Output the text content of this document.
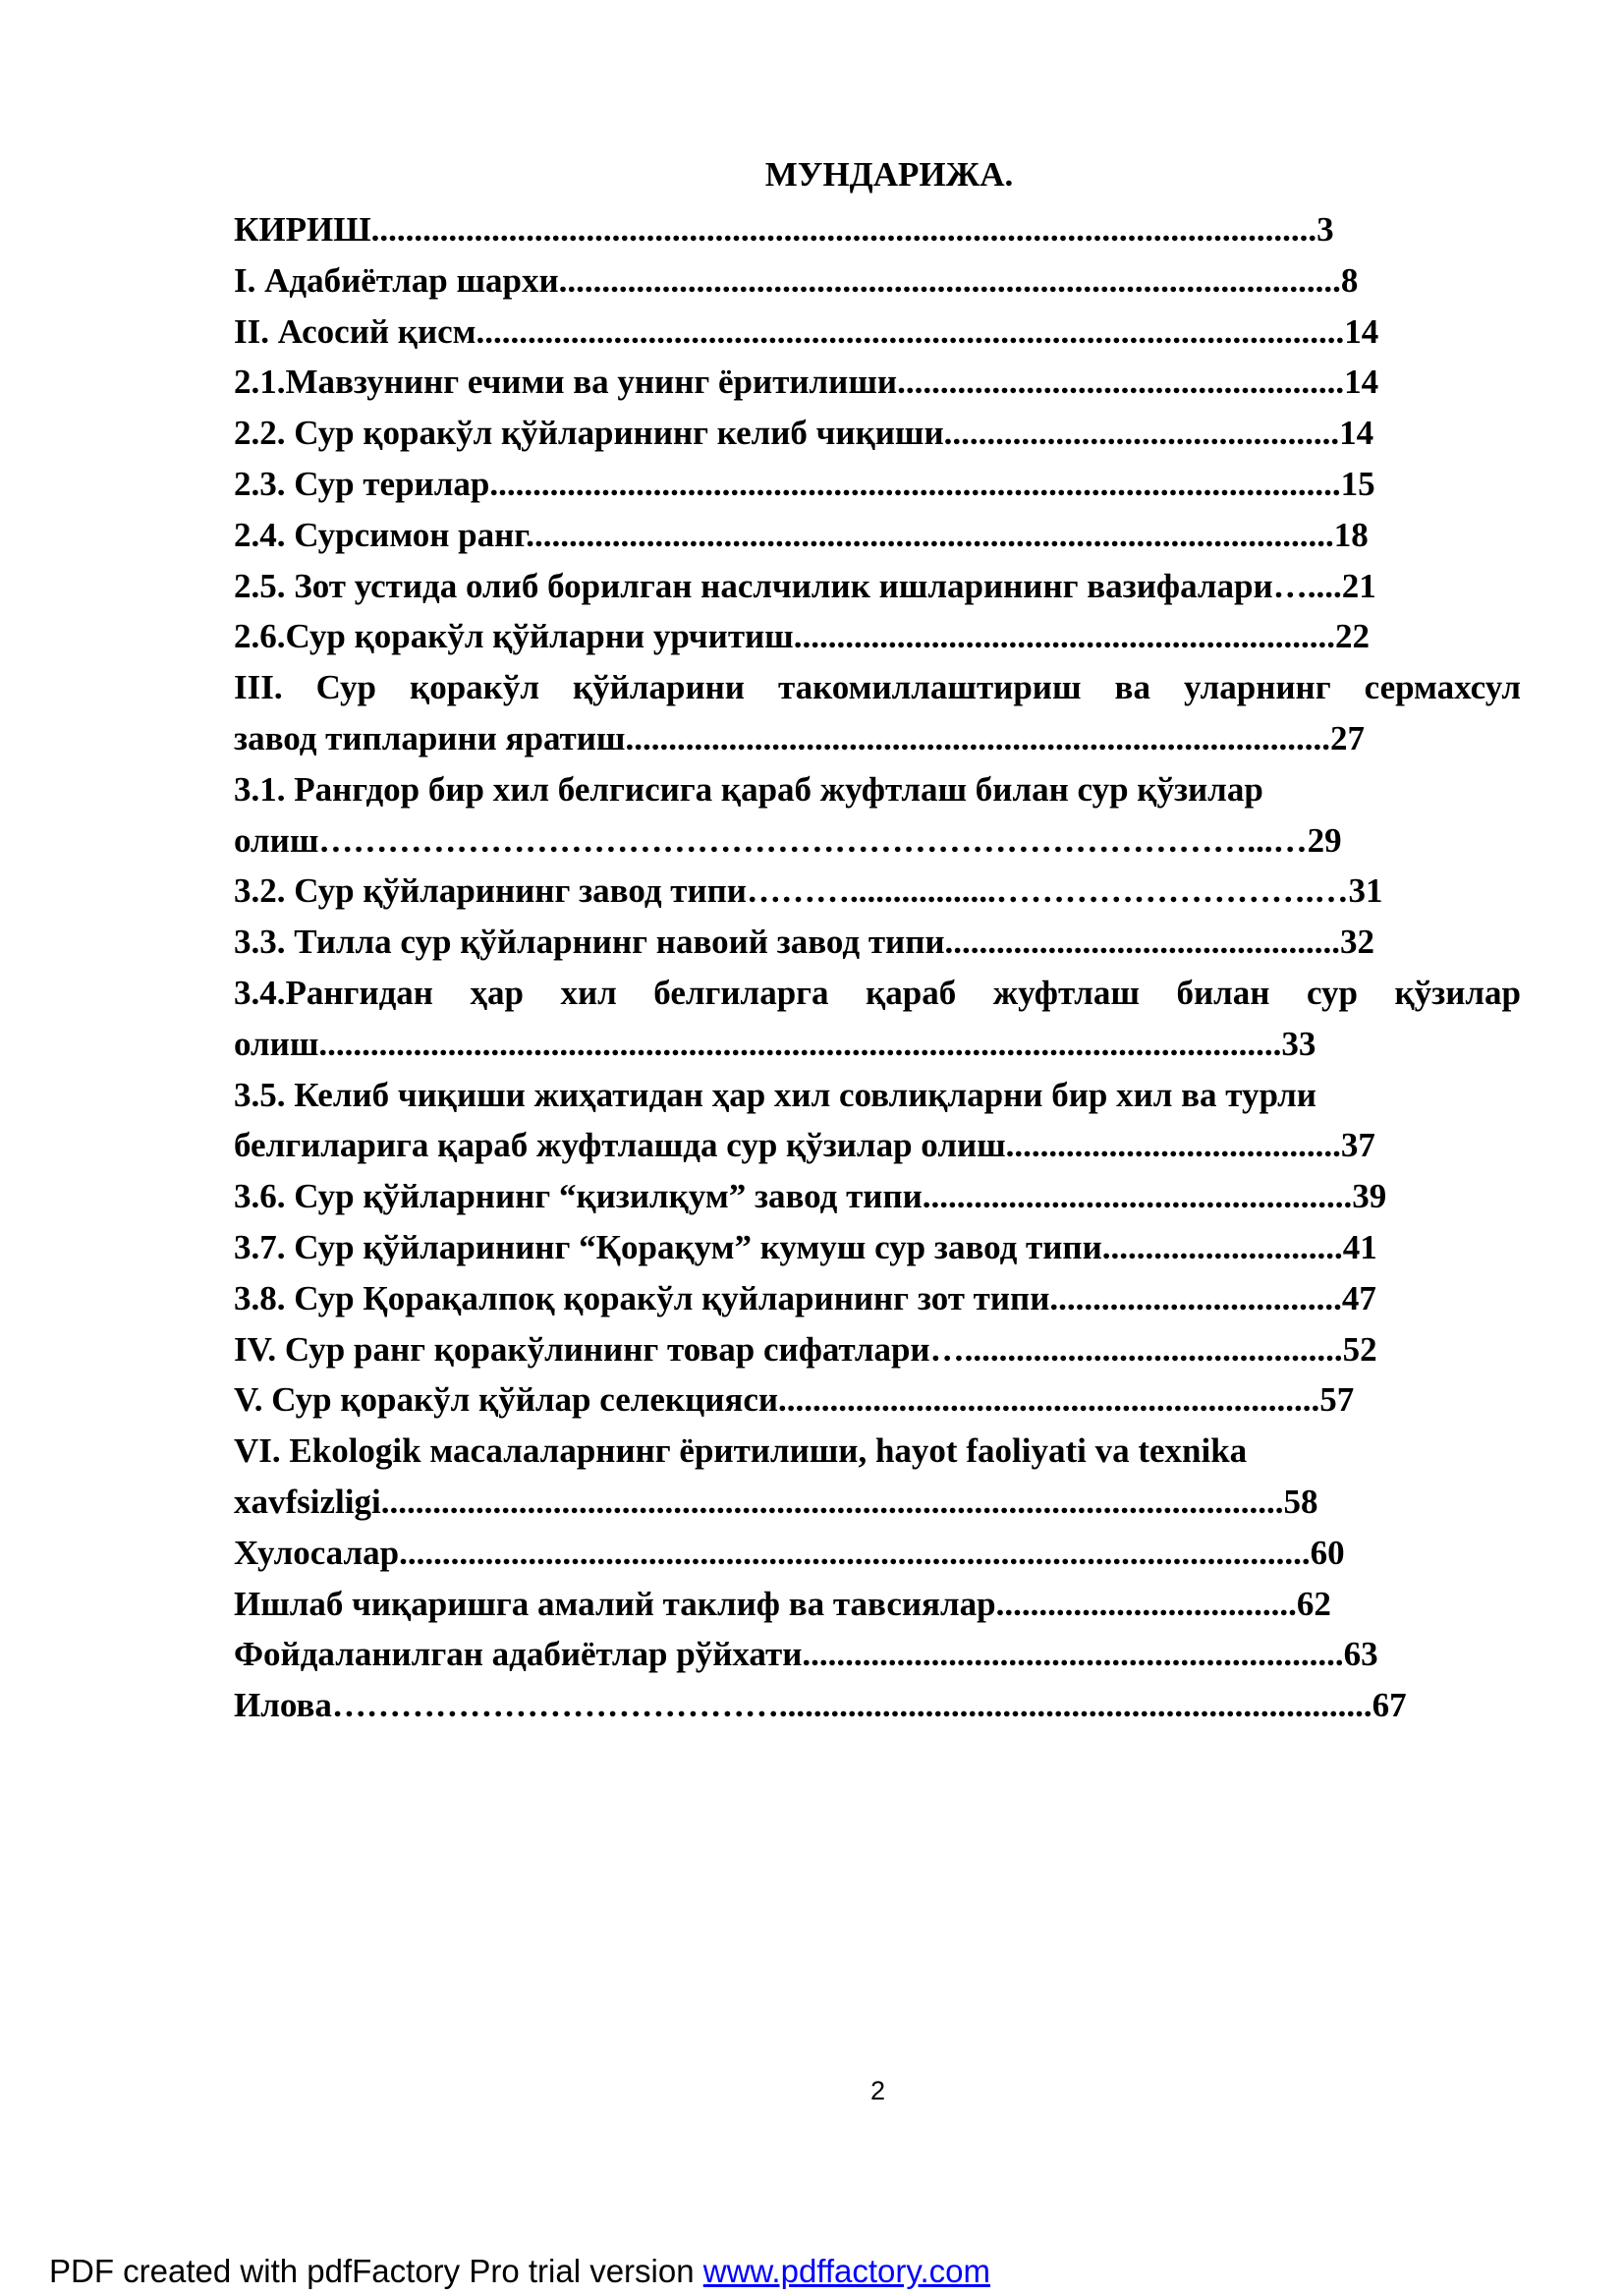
МУНДАРИЖА.
КИРИШ..............................................................................................................3
I. Адабиётлар шархи...........................................................................................8
II. Асосий қисм.....................................................................................................14
2.1.Мавзунинг ечими ва унинг ёритилиши....................................................14
2.2. Сур қоракўл қўйларининг келиб чиқиши..............................................14
2.3. Сур терилар...................................................................................................15
2.4. Сурсимон ранг..............................................................................................18
2.5. Зот устида олиб борилган наслчилик ишларининг вазифалари…....21
2.6.Сур қоракўл қўйларни урчитиш...............................................................22
III. Сур қоракўл қўйларини такомиллаштириш ва уларнинг сермахсул
завод типларини яратиш..................................................................................27
3.1. Рангдор бир хил белгисига қараб жуфтлаш билан сур қўзилар
олиш………………………………………………………………………...…29
3.2. Сур қўйларининг завод типи……….................……………………….…31
3.3. Тилла сур қўйларнинг навоий завод типи..............................................32
3.4.Рангидан ҳар хил белгиларга қараб жуфтлаш билан сур қўзилар
олиш................................................................................................................33
3.5. Келиб чиқиши жиҳатидан ҳар хил совлиқларни бир хил ва турли
белгиларига қараб жуфтлашда сур қўзилар олиш.......................................37
3.6. Сур қўйларнинг “қизилқум” завод типи..................................................39
3.7. Сур қўйларининг “Қорақум” кумуш сур завод типи............................41
3.8. Сур Қорақалпоқ қоракўл қуйларининг зот типи..................................47
IV. Сур ранг қоракўлининг товар сифатлари…............................................52
V. Сур қоракўл қўйлар селекцияси...............................................................57
VI. Ekologik масалаларнинг ёритилиши, hayot faoliyati va texnika
xavfsizligi.........................................................................................................58
Хулосалар..........................................................................................................60
Ишлаб чиқаришга амалий таклиф ва тавсиялар...................................62
Фойдаланилган адабиётлар рўйхати...............................................................63
Илова………………………………….....................................................................67
2
PDF created with pdfFactory Pro trial version www.pdffactory.com
